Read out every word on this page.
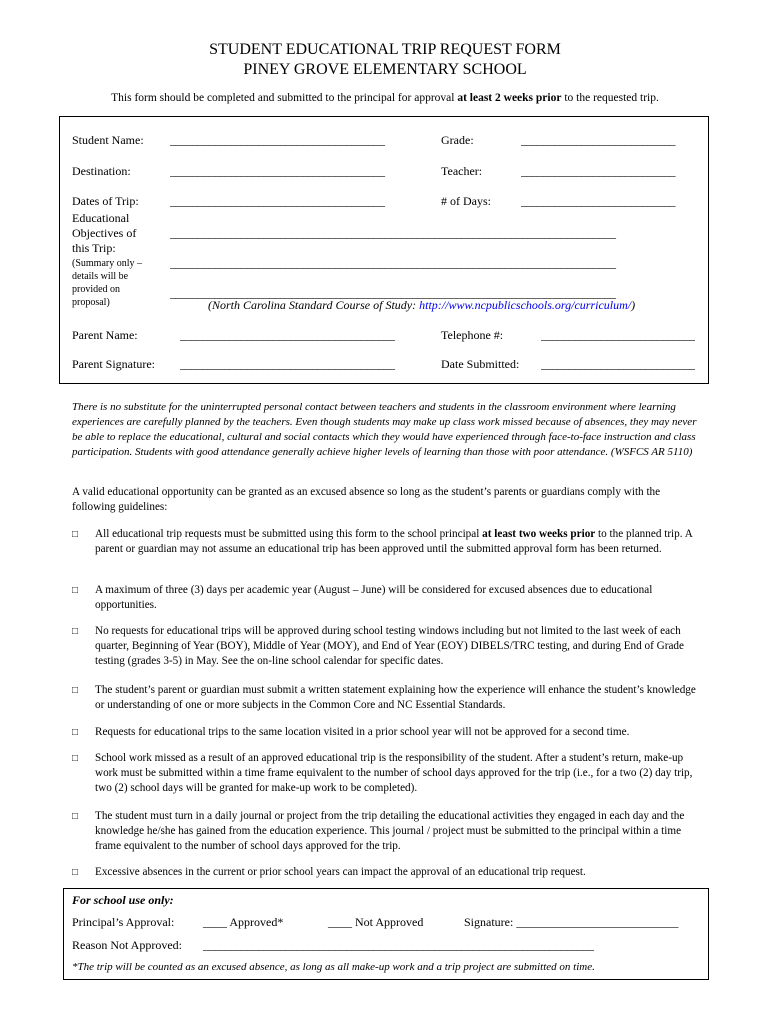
STUDENT EDUCATIONAL TRIP REQUEST FORM
PINEY GROVE ELEMENTARY SCHOOL
This form should be completed and submitted to the principal for approval at least 2 weeks prior to the requested trip.
Student Name: _______________________________________	Grade:	____________________________
Destination:	_______________________________________	Teacher:	____________________________
Dates of Trip:	_______________________________________	# of Days:	____________________________
Educational
Objectives of
this Trip:
(Summary only –
details will be
provided on
proposal)
_________________________________________________________________________________
_________________________________________________________________________________
_________________________________________________________________________________
(North Carolina Standard Course of Study: http://www.ncpublicschools.org/curriculum/)
Parent Name:	_______________________________________	Telephone #:	____________________________
Parent Signature: _______________________________________	Date Submitted: ____________________________
There is no substitute for the uninterrupted personal contact between teachers and students in the classroom environment where learning experiences are carefully planned by the teachers. Even though students may make up class work missed because of absences, they may never be able to replace the educational, cultural and social contacts which they would have experienced through face-to-face instruction and class participation. Students with good attendance generally achieve higher levels of learning than those with poor attendance. (WSFCS AR 5110)
A valid educational opportunity can be granted as an excused absence so long as the student’s parents or guardians comply with the following guidelines:
□ All educational trip requests must be submitted using this form to the school principal at least two weeks prior to the planned trip. A parent or guardian may not assume an educational trip has been approved until the submitted approval form has been returned.
□ A maximum of three (3) days per academic year (August – June) will be considered for excused absences due to educational opportunities.
□ No requests for educational trips will be approved during school testing windows including but not limited to the last week of each quarter, Beginning of Year (BOY), Middle of Year (MOY), and End of Year (EOY) DIBELS/TRC testing, and during End of Grade testing (grades 3-5) in May. See the on-line school calendar for specific dates.
□ The student’s parent or guardian must submit a written statement explaining how the experience will enhance the student’s knowledge or understanding of one or more subjects in the Common Core and NC Essential Standards.
□ Requests for educational trips to the same location visited in a prior school year will not be approved for a second time.
□ School work missed as a result of an approved educational trip is the responsibility of the student. After a student’s return, make-up work must be submitted within a time frame equivalent to the number of school days approved for the trip (i.e., for a two (2) day trip, two (2) school days will be granted for make-up work to be completed).
□ The student must turn in a daily journal or project from the trip detailing the educational activities they engaged in each day and the knowledge he/she has gained from the education experience. This journal / project must be submitted to the principal within a time frame equivalent to the number of school days approved for the trip.
□ Excessive absences in the current or prior school years can impact the approval of an educational trip request.
For school use only:
Principal’s Approval: ____ Approved*	____ Not Approved	Signature: ___________________________
Reason Not Approved: _______________________________________________________________________
*The trip will be counted as an excused absence, as long as all make-up work and a trip project are submitted on time.
